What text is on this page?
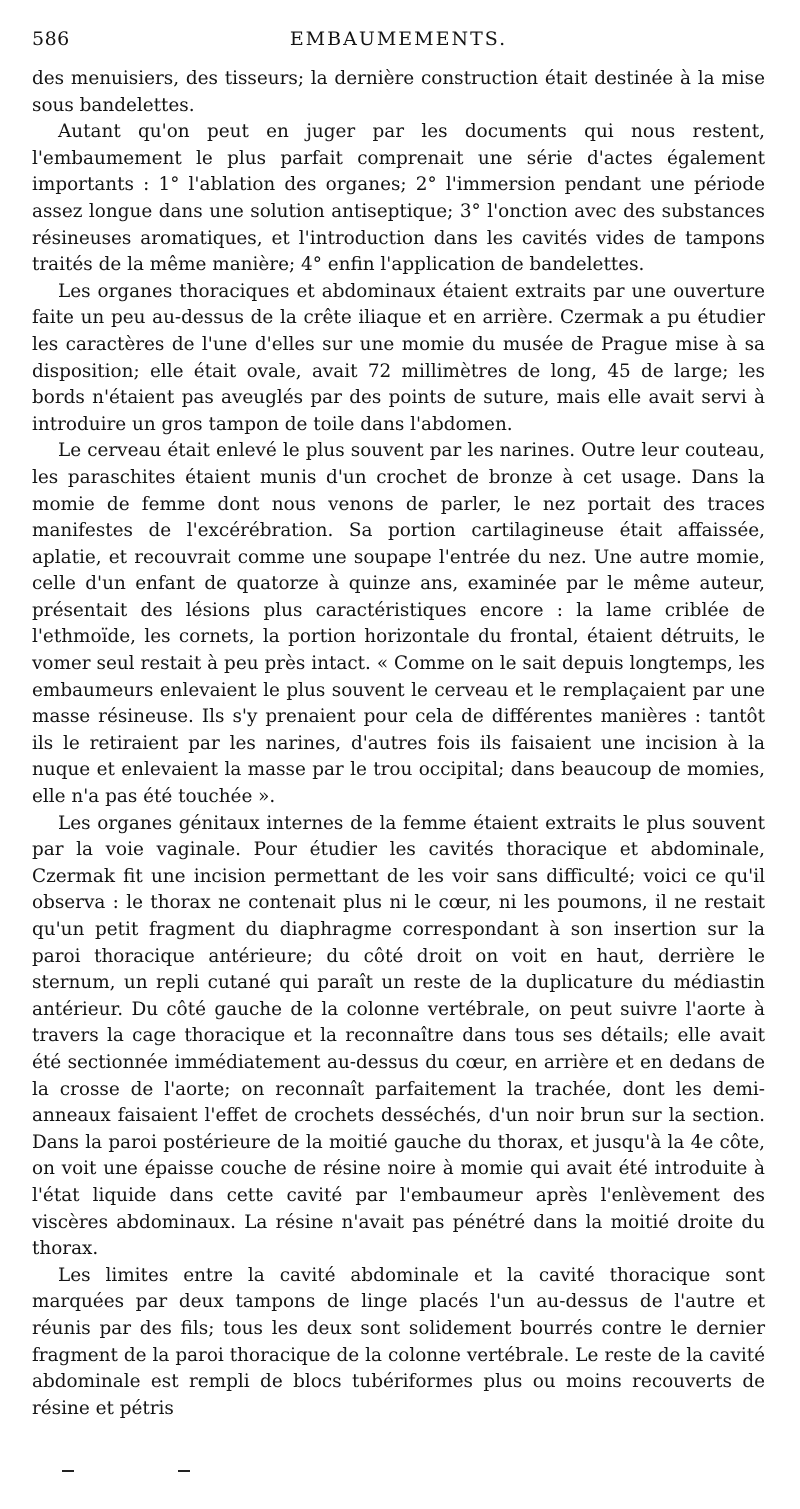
586	EMBAUMEMENTS.

des menuisiers, des tisseurs; la dernière construction était destinée à la mise sous bandelettes.

Autant qu'on peut en juger par les documents qui nous restent, l'embaumement le plus parfait comprenait une série d'actes également importants : 1° l'ablation des organes; 2° l'immersion pendant une période assez longue dans une solution antiseptique; 3° l'onction avec des substances résineuses aromatiques, et l'introduction dans les cavités vides de tampons traités de la même manière; 4° enfin l'application de bandelettes.

Les organes thoraciques et abdominaux étaient extraits par une ouverture faite un peu au-dessus de la crête iliaque et en arrière. Czermak a pu étudier les caractères de l'une d'elles sur une momie du musée de Prague mise à sa disposition; elle était ovale, avait 72 millimètres de long, 45 de large; les bords n'étaient pas aveuglés par des points de suture, mais elle avait servi à introduire un gros tampon de toile dans l'abdomen.

Le cerveau était enlevé le plus souvent par les narines. Outre leur couteau, les paraschites étaient munis d'un crochet de bronze à cet usage. Dans la momie de femme dont nous venons de parler, le nez portait des traces manifestes de l'excérébration. Sa portion cartilagineuse était affaissée, aplatie, et recouvrait comme une soupape l'entrée du nez. Une autre momie, celle d'un enfant de quatorze à quinze ans, examinée par le même auteur, présentait des lésions plus caractéristiques encore : la lame criblée de l'ethmoïde, les cornets, la portion horizontale du frontal, étaient détruits, le vomer seul restait à peu près intact. « Comme on le sait depuis longtemps, les embaumeurs enlevaient le plus souvent le cerveau et le remplaçaient par une masse résineuse. Ils s'y prenaient pour cela de différentes manières : tantôt ils le retiraient par les narines, d'autres fois ils faisaient une incision à la nuque et enlevaient la masse par le trou occipital; dans beaucoup de momies, elle n'a pas été touchée ».

Les organes génitaux internes de la femme étaient extraits le plus souvent par la voie vaginale. Pour étudier les cavités thoracique et abdominale, Czermak fit une incision permettant de les voir sans difficulté; voici ce qu'il observa : le thorax ne contenait plus ni le cœur, ni les poumons, il ne restait qu'un petit fragment du diaphragme correspondant à son insertion sur la paroi thoracique antérieure; du côté droit on voit en haut, derrière le sternum, un repli cutané qui paraît un reste de la duplicature du médiastin antérieur. Du côté gauche de la colonne vertébrale, on peut suivre l'aorte à travers la cage thoracique et la reconnaître dans tous ses détails; elle avait été sectionnée immédiatement au-dessus du cœur, en arrière et en dedans de la crosse de l'aorte; on reconnaît parfaitement la trachée, dont les demi-anneaux faisaient l'effet de crochets desséchés, d'un noir brun sur la section. Dans la paroi postérieure de la moitié gauche du thorax, et jusqu'à la 4e côte, on voit une épaisse couche de résine noire à momie qui avait été introduite à l'état liquide dans cette cavité par l'embaumeur après l'enlèvement des viscères abdominaux. La résine n'avait pas pénétré dans la moitié droite du thorax.

Les limites entre la cavité abdominale et la cavité thoracique sont marquées par deux tampons de linge placés l'un au-dessus de l'autre et réunis par des fils; tous les deux sont solidement bourrés contre le dernier fragment de la paroi thoracique de la colonne vertébrale. Le reste de la cavité abdominale est rempli de blocs tubériformes plus ou moins recouverts de résine et pétris
